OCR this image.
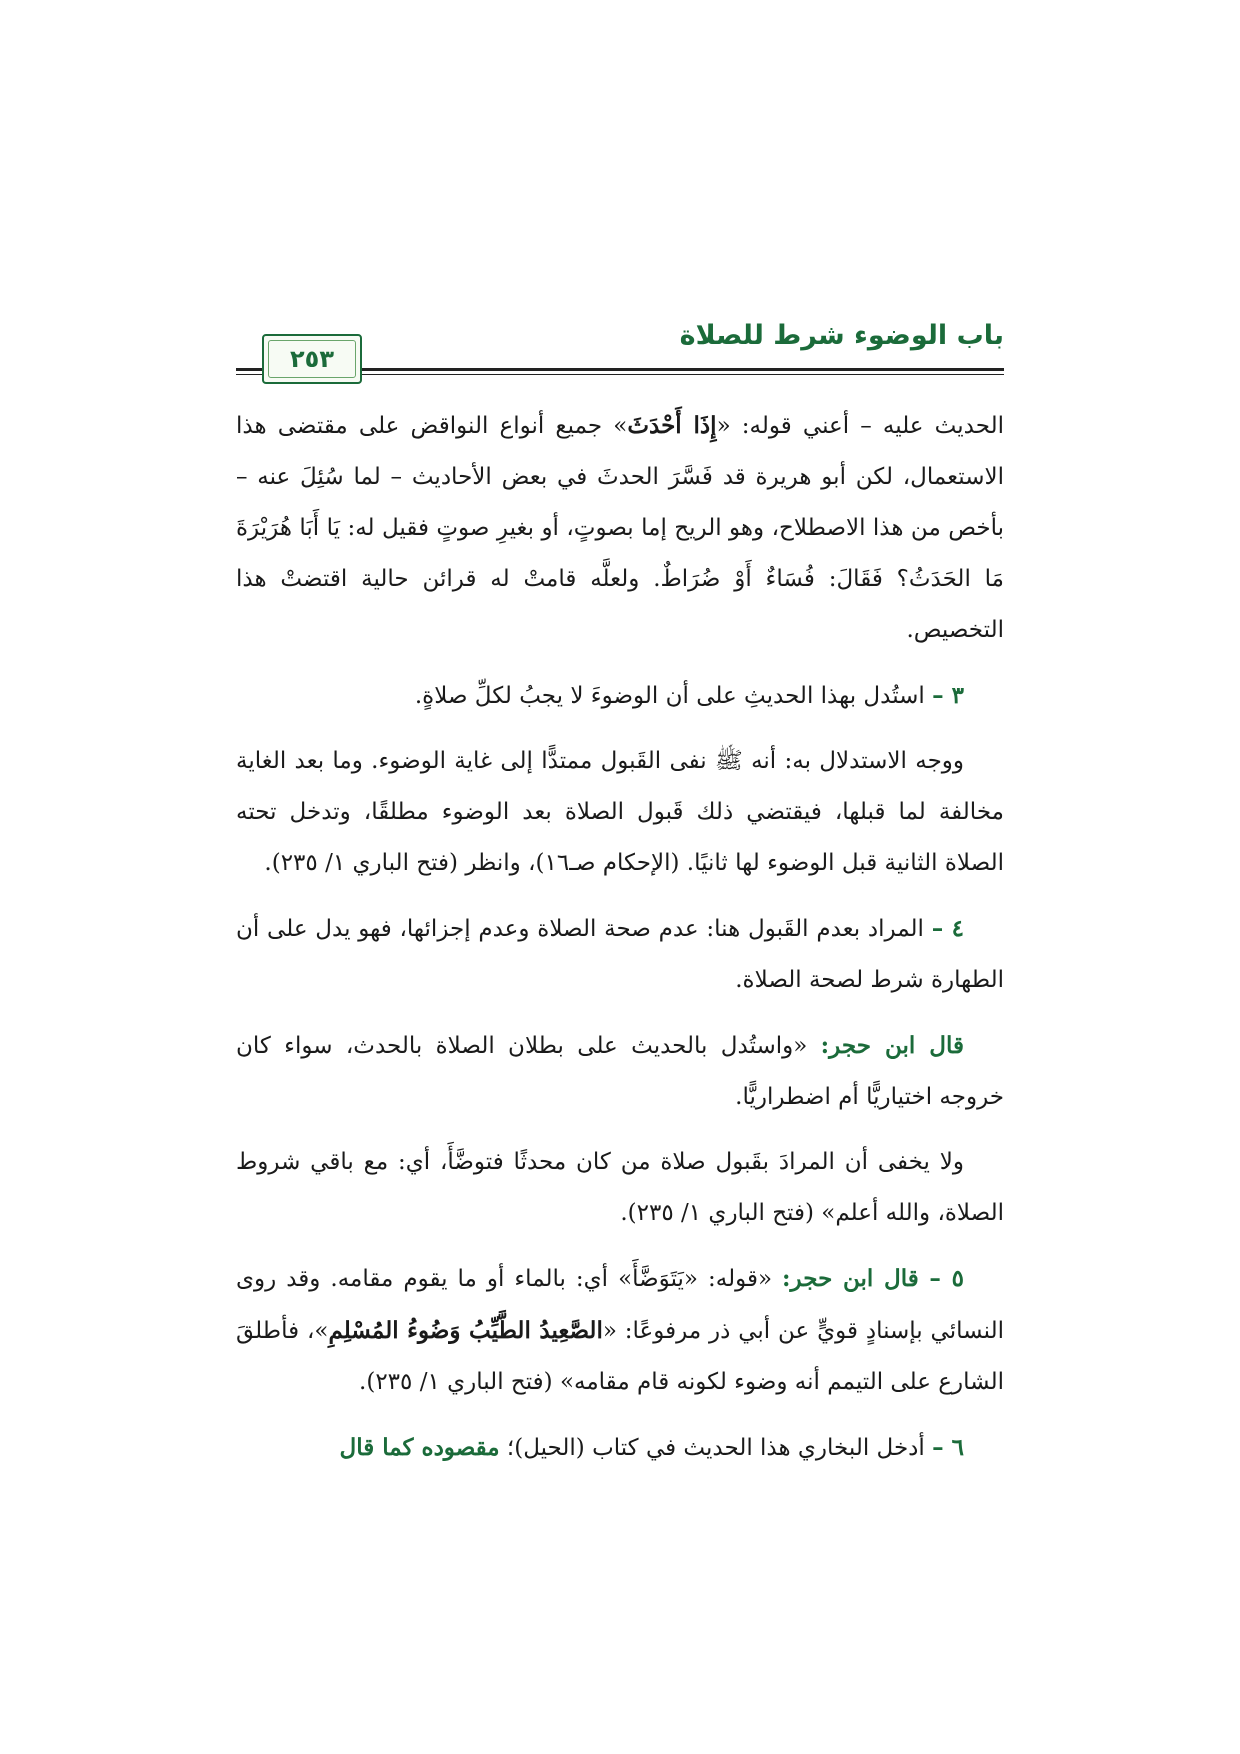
باب الوضوء شرط للصلاة
٢٥٣

الحديث عليه – أعني قوله: «إِذَا أَحْدَثَ» جميع أنواع النواقض على مقتضى هذا الاستعمال، لكن أبو هريرة قد فَسَّرَ الحدثَ في بعض الأحاديث – لما سُئِلَ عنه – بأخص من هذا الاصطلاح، وهو الريح إما بصوتٍ، أو بغيرِ صوتٍ فقيل له: يَا أَبَا هُرَيْرَةَ مَا الحَدَثُ؟ فَقَالَ: فُسَاءٌ أَوْ ضُرَاطٌ. ولعلَّه قامتْ له قرائن حالية اقتضتْ هذا التخصيص.

٣ – استُدل بهذا الحديثِ على أن الوضوءَ لا يجبُ لكلِّ صلاةٍ.

ووجه الاستدلال به: أنه ﷺ نفى القَبول ممتدًّا إلى غاية الوضوء. وما بعد الغاية مخالفة لما قبلها، فيقتضي ذلك قَبول الصلاة بعد الوضوء مطلقًا، وتدخل تحته الصلاة الثانية قبل الوضوء لها ثانيًا. (الإحكام صـ١٦)، وانظر (فتح الباري ١/ ٢٣٥).

٤ – المراد بعدم القَبول هنا: عدم صحة الصلاة وعدم إجزائها، فهو يدل على أن الطهارة شرط لصحة الصلاة.

قال ابن حجر: «واستُدل بالحديث على بطلان الصلاة بالحدث، سواء كان خروجه اختياريًّا أم اضطراريًّا.

ولا يخفى أن المرادَ بقَبول صلاة من كان محدثًا فتوضَّأَ، أي: مع باقي شروط الصلاة، والله أعلم» (فتح الباري ١/ ٢٣٥).

٥ – قال ابن حجر: «قوله: «يَتَوَضَّأَ» أي: بالماء أو ما يقوم مقامه. وقد روى النسائي بإسنادٍ قويٍّ عن أبي ذر مرفوعًا: «الصَّعِيدُ الطَّيِّبُ وَضُوءُ المُسْلِمِ»، فأطلقَ الشارع على التيمم أنه وضوء لكونه قام مقامه» (فتح الباري ١/ ٢٣٥).

٦ – أدخل البخاري هذا الحديث في كتاب (الحيل)؛ مقصوده كما قال
